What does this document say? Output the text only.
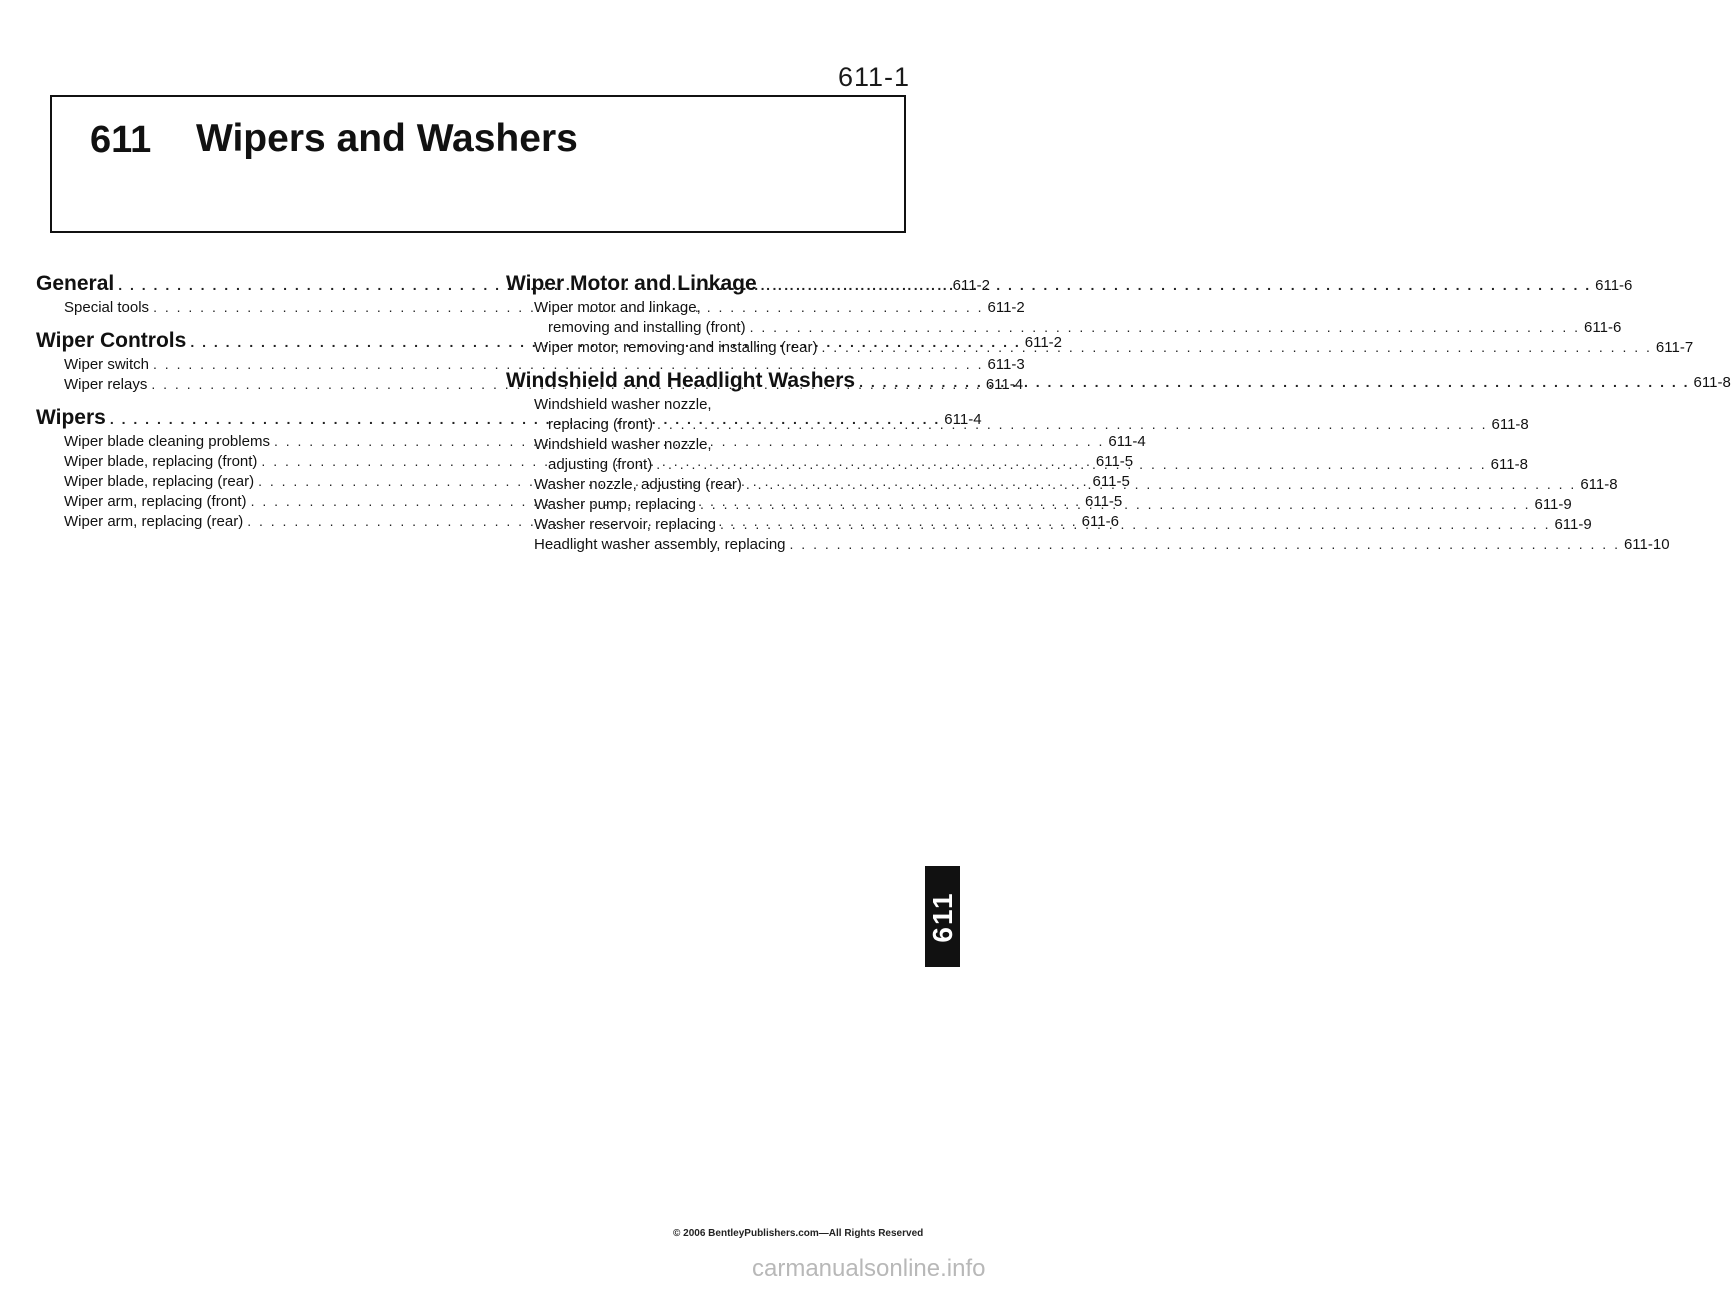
611-1
611 Wipers and Washers
General . . .	611-2
Special tools . . .	611-2
Wiper Controls . . .	611-2
Wiper switch . . .	611-3
Wiper relays . . .	611-4
Wipers . . .	611-4
Wiper blade cleaning problems . . .	611-4
Wiper blade, replacing (front) . . .	611-5
Wiper blade, replacing (rear) . . .	611-5
Wiper arm, replacing (front) . . .	611-5
Wiper arm, replacing (rear) . . .	611-6
Wiper Motor and Linkage . . .	611-6
Wiper motor and linkage,
removing and installing (front) . . .	611-6
Wiper motor, removing and installing (rear) . . .	611-7
Windshield and Headlight Washers . . .	611-8
Windshield washer nozzle,
replacing (front) . . .	611-8
Windshield washer nozzle,
adjusting (front) . . .	611-8
Washer nozzle, adjusting (rear) . . .	611-8
Washer pump, replacing . . .	611-9
Washer reservoir, replacing . . .	611-9
Headlight washer assembly, replacing . . .	611-10
611
© 2006 BentleyPublishers.com—All Rights Reserved
carmanualsonline.info
